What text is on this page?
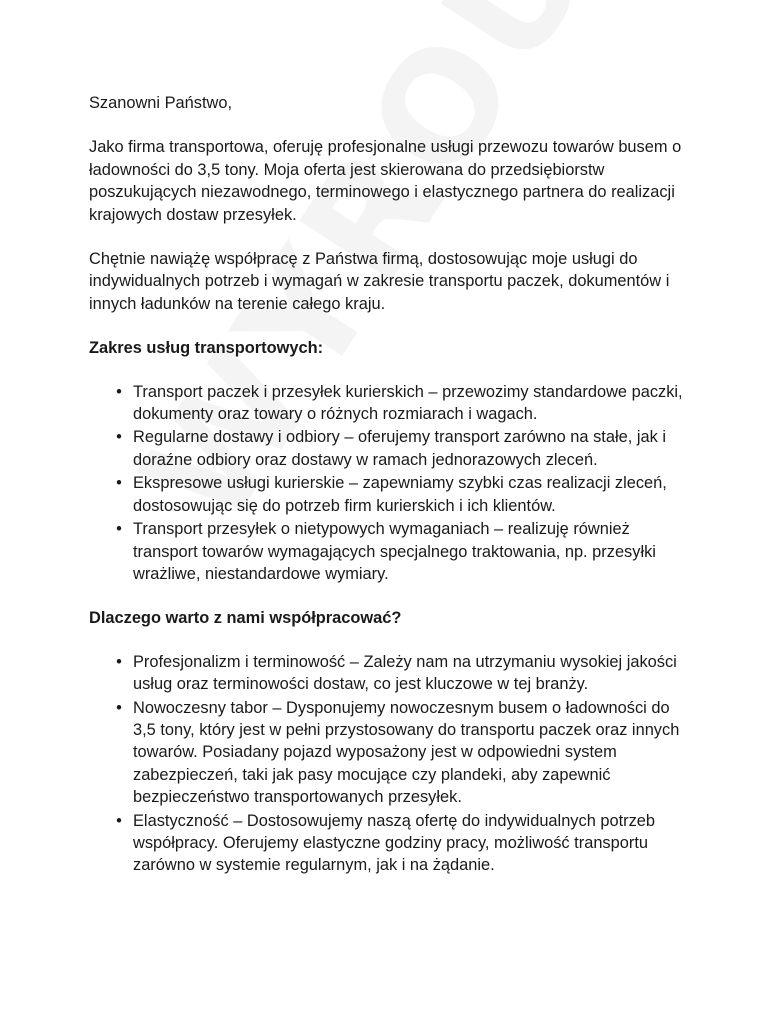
Szanowni Państwo,

Jako firma transportowa, oferuję profesjonalne usługi przewozu towarów busem o ładowności do 3,5 tony. Moja oferta jest skierowana do przedsiębiorstw poszukujących niezawodnego, terminowego i elastycznego partnera do realizacji krajowych dostaw przesyłek.

Chętnie nawiążę współpracę z Państwa firmą, dostosowując moje usługi do indywidualnych potrzeb i wymagań w zakresie transportu paczek, dokumentów i innych ładunków na terenie całego kraju.

Zakres usług transportowych:

• Transport paczek i przesyłek kurierskich – przewozimy standardowe paczki, dokumenty oraz towary o różnych rozmiarach i wagach.
• Regularne dostawy i odbiory – oferujemy transport zarówno na stałe, jak i doraźne odbiory oraz dostawy w ramach jednorazowych zleceń.
• Ekspresowe usługi kurierskie – zapewniamy szybki czas realizacji zleceń, dostosowując się do potrzeb firm kurierskich i ich klientów.
• Transport przesyłek o nietypowych wymaganiach – realizuję również transport towarów wymagających specjalnego traktowania, np. przesyłki wrażliwe, niestandardowe wymiary.

Dlaczego warto z nami współpracować?

• Profesjonalizm i terminowość – Zależy nam na utrzymaniu wysokiej jakości usług oraz terminowości dostaw, co jest kluczowe w tej branży.
• Nowoczesny tabor – Dysponujemy nowoczesnym busem o ładowności do 3,5 tony, który jest w pełni przystosowany do transportu paczek oraz innych towarów. Posiadany pojazd wyposażony jest w odpowiedni system zabezpieczeń, taki jak pasy mocujące czy plandeki, aby zapewnić bezpieczeństwo transportowanych przesyłek.
• Elastyczność – Dostosowujemy naszą ofertę do indywidualnych potrzeb współpracy. Oferujemy elastyczne godziny pracy, możliwość transportu zarówno w systemie regularnym, jak i na żądanie.
